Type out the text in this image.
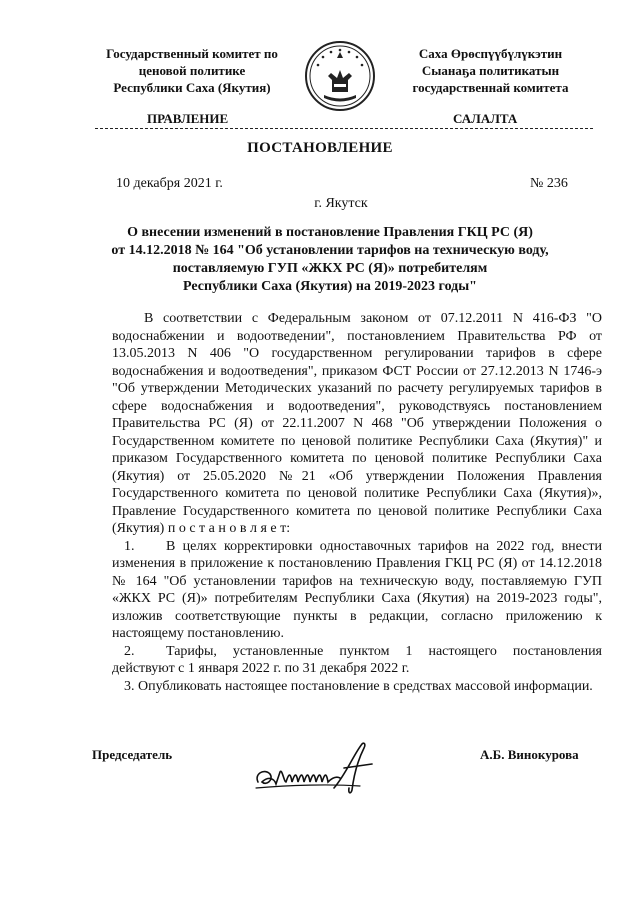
Государственный комитет по
ценовой политике
Республики Саха (Якутия)
Саха Өрөспүүбүлүкэтин
Сыанаҕа политикатын
государственнай комитета
ПРАВЛЕНИЕ	САЛАЛТА
ПОСТАНОВЛЕНИЕ
10 декабря 2021 г.	№ 236
г. Якутск
О внесении изменений в постановление Правления ГКЦ РС (Я)
от 14.12.2018 № 164 "Об установлении тарифов на техническую воду,
поставляемую ГУП «ЖКХ РС (Я)» потребителям
Республики Саха (Якутия) на 2019-2023 годы"

В соответствии с Федеральным законом от 07.12.2011 N 416-ФЗ "О водоснабжении и водоотведении", постановлением Правительства РФ от 13.05.2013 N 406 "О государственном регулировании тарифов в сфере водоснабжения и водоотведения", приказом ФСТ России от 27.12.2013 N 1746-э "Об утверждении Методических указаний по расчету регулируемых тарифов в сфере водоснабжения и водоотведения", руководствуясь постановлением Правительства РС (Я) от 22.11.2007 N 468 "Об утверждении Положения о Государственном комитете по ценовой политике Республики Саха (Якутия)" и приказом Государственного комитета по ценовой политике Республики Саха (Якутия) от 25.05.2020 №21 «Об утверждении Положения Правления Государственного комитета по ценовой политике Республики Саха (Якутия)», Правление Государственного комитета по ценовой политике Республики Саха (Якутия) п о с т а н о в л я е т:

1. В целях корректировки одноставочных тарифов на 2022 год, внести изменения в приложение к постановлению Правления ГКЦ РС (Я) от 14.12.2018 № 164 "Об установлении тарифов на техническую воду, поставляемую ГУП «ЖКХ РС (Я)» потребителям Республики Саха (Якутия) на 2019-2023 годы", изложив соответствующие пункты в редакции, согласно приложению к настоящему постановлению.

2. Тарифы, установленные пунктом 1 настоящего постановления действуют с 1 января 2022 г. по 31 декабря 2022 г.

3. Опубликовать настоящее постановление в средствах массовой информации.

Председатель	А.Б. Винокурова
